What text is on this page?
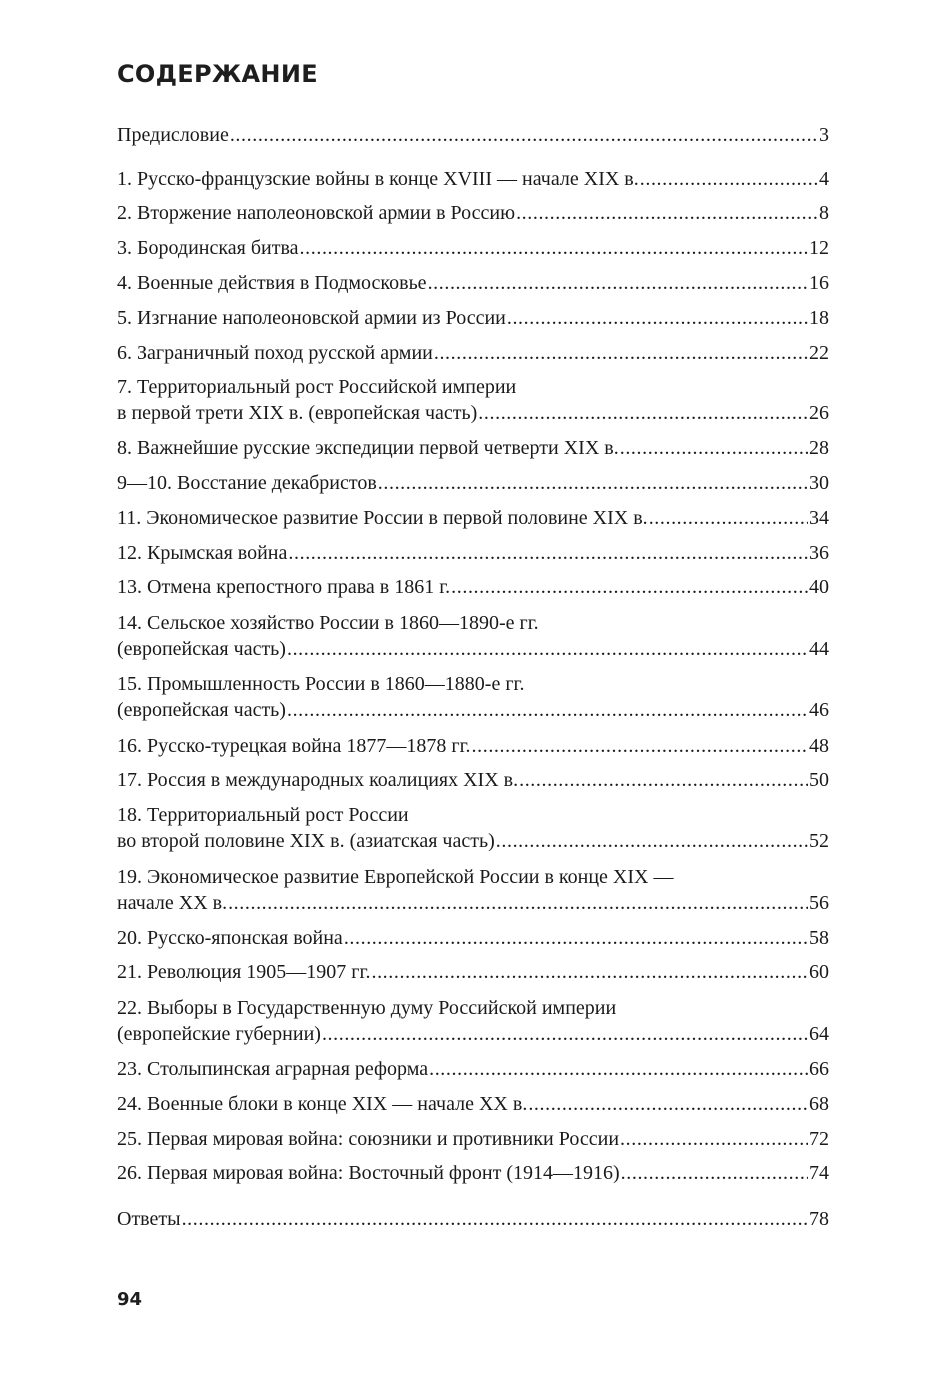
СОДЕРЖАНИЕ
Предисловие .....	3
1. Русско-французские войны в конце XVIII — начале XIX в. .....	4
2. Вторжение наполеоновской армии в Россию .....	8
3. Бородинская битва .....	12
4. Военные действия в Подмосковье .....	16
5. Изгнание наполеоновской армии из России .....	18
6. Заграничный поход русской армии .....	22
7. Территориальный рост Российской империи
в первой трети XIX в. (европейская часть) .....	26
8. Важнейшие русские экспедиции первой четверти XIX в. .....	28
9—10. Восстание декабристов .....	30
11. Экономическое развитие России в первой половине XIX в. .....	34
12. Крымская война .....	36
13. Отмена крепостного права в 1861 г. .....	40
14. Сельское хозяйство России в 1860—1890-е гг.
(европейская часть) .....	44
15. Промышленность России в 1860—1880-е гг.
(европейская часть) .....	46
16. Русско-турецкая война 1877—1878 гг. .....	48
17. Россия в международных коалициях XIX в. .....	50
18. Территориальный рост России
во второй половине XIX в. (азиатская часть) .....	52
19. Экономическое развитие Европейской России в конце XIX —
начале XX в. .....	56
20. Русско-японская война .....	58
21. Революция 1905—1907 гг. .....	60
22. Выборы в Государственную думу Российской империи
(европейские губернии) .....	64
23. Столыпинская аграрная реформа .....	66
24. Военные блоки в конце XIX — начале XX в. .....	68
25. Первая мировая война: союзники и противники России .....	72
26. Первая мировая война: Восточный фронт (1914—1916) .....	74
Ответы .....	78
94
